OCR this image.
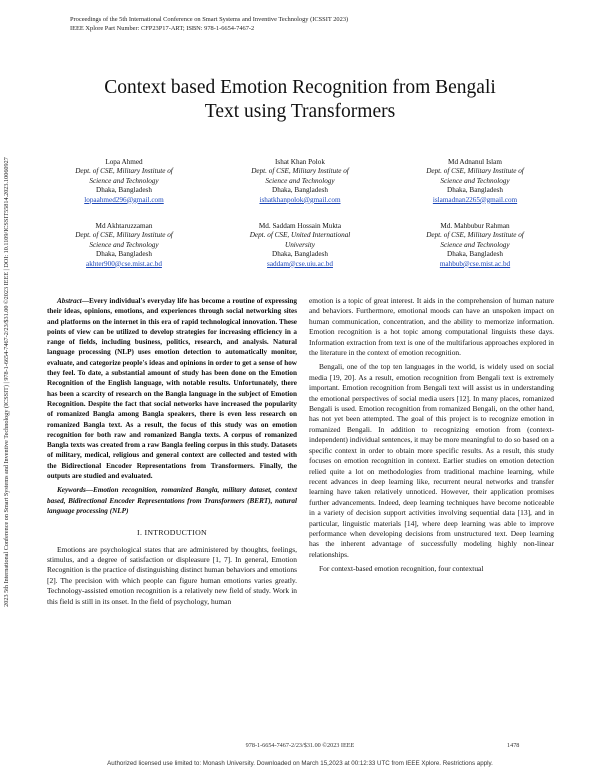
Proceedings of the 5th International Conference on Smart Systems and Inventive Technology (ICSSIT 2023)
IEEE Xplore Part Number: CFP23P17-ART; ISBN: 978-1-6654-7467-2
2023 5th International Conference on Smart Systems and Inventive Technology (ICSSIT) | 978-1-6654-7467-2/23/$31.00 ©2023 IEEE | DOI: 10.1109/ICSSIT55814.2023.10060927
Context based Emotion Recognition from Bengali
Text using Transformers
Lopa Ahmed
Dept. of CSE, Military Institute of
Science and Technology
Dhaka, Bangladesh
lopaahmed296@gmail.com
Ishat Khan Polok
Dept. of CSE, Military Institute of
Science and Technology
Dhaka, Bangladesh
ishatkhanpolok@gmail.com
Md Adnanul Islam
Dept. of CSE, Military Institute of
Science and Technology
Dhaka, Bangladesh
islamadnan2265@gmail.com
Md Akhtaruzzaman
Dept. of CSE, Military Institute of
Science and Technology
Dhaka, Bangladesh
akhter900@cse.mist.ac.bd
Md. Saddam Hossain Mukta
Dept. of CSE, United International
University
Dhaka, Bangladesh
saddam@cse.uiu.ac.bd
Md. Mahbubur Rahman
Dept. of CSE, Military Institute of
Science and Technology
Dhaka, Bangladesh
mahbub@cse.mist.ac.bd

Abstract—Every individual's everyday life has become a routine of expressing their ideas, opinions, emotions, and experiences through social networking sites and platforms on the internet in this era of rapid technological innovation. These points of view can be utilized to develop strategies for increasing efficiency in a range of fields, including business, politics, research, and analysis. Natural language processing (NLP) uses emotion detection to automatically monitor, evaluate, and categorize people's ideas and opinions in order to get a sense of how they feel. To date, a substantial amount of study has been done on the Emotion Recognition of the English language, with notable results. Unfortunately, there has been a scarcity of research on the Bangla language in the subject of Emotion Recognition. Despite the fact that social networks have increased the popularity of romanized Bangla among Bangla speakers, there is even less research on romanized Bangla text. As a result, the focus of this study was on emotion recognition for both raw and romanized Bangla texts. A corpus of romanized Bangla texts was created from a raw Bangla feeling corpus in this study. Datasets of military, medical, religious and general context are collected and tested with the Bidirectional Encoder Representations from Transformers. Finally, the outputs are studied and evaluated.

Keywords—Emotion recognition, romanized Bangla, military dataset, context based, Bidirectional Encoder Representations from Transformers (BERT), natural language processing (NLP)

I. INTRODUCTION

Emotions are psychological states that are administered by thoughts, feelings, stimulus, and a degree of satisfaction or displeasure [1, 7]. In general, Emotion Recognition is the practice of distinguishing distinct human behaviors and emotions [2]. The precision with which people can figure human emotions varies greatly. Technology-assisted emotion recognition is a relatively new field of study. Work in this field is still in its onset. In the field of psychology, human

emotion is a topic of great interest. It aids in the comprehension of human nature and behaviors. Furthermore, emotional moods can have an unspoken impact on human communication, concentration, and the ability to memorize information. Emotion recognition is a hot topic among computational linguists these days. Information extraction from text is one of the multifarious approaches explored in the literature in the context of emotion recognition.

Bengali, one of the top ten languages in the world, is widely used on social media [19, 20]. As a result, emotion recognition from Bengali text is extremely important. Emotion recognition from Bengali text will assist us in understanding the emotional perspectives of social media users [12]. In many places, romanized Bengali is used. Emotion recognition from romanized Bengali, on the other hand, has not yet been attempted. The goal of this project is to recognize emotion in romanized Bengali. In addition to recognizing emotion from (context-independent) individual sentences, it may be more meaningful to do so based on a specific context in order to obtain more specific results. As a result, this study focuses on emotion recognition in context. Earlier studies on emotion detection relied quite a lot on methodologies from traditional machine learning, while recent advances in deep learning like, recurrent neural networks and transfer learning have taken relatively unnoticed. However, their application promises further advancements. Indeed, deep learning techniques have become noticeable in a variety of decision support activities involving sequential data [13], and in particular, linguistic materials [14], where deep learning was able to improve performance when developing decisions from unstructured text. Deep learning has the inherent advantage of successfully modeling highly non-linear relationships.

For context-based emotion recognition, four contextual

978-1-6654-7467-2/23/$31.00 ©2023 IEEE	1478
Authorized licensed use limited to: Monash University. Downloaded on March 15,2023 at 00:12:33 UTC from IEEE Xplore. Restrictions apply.
